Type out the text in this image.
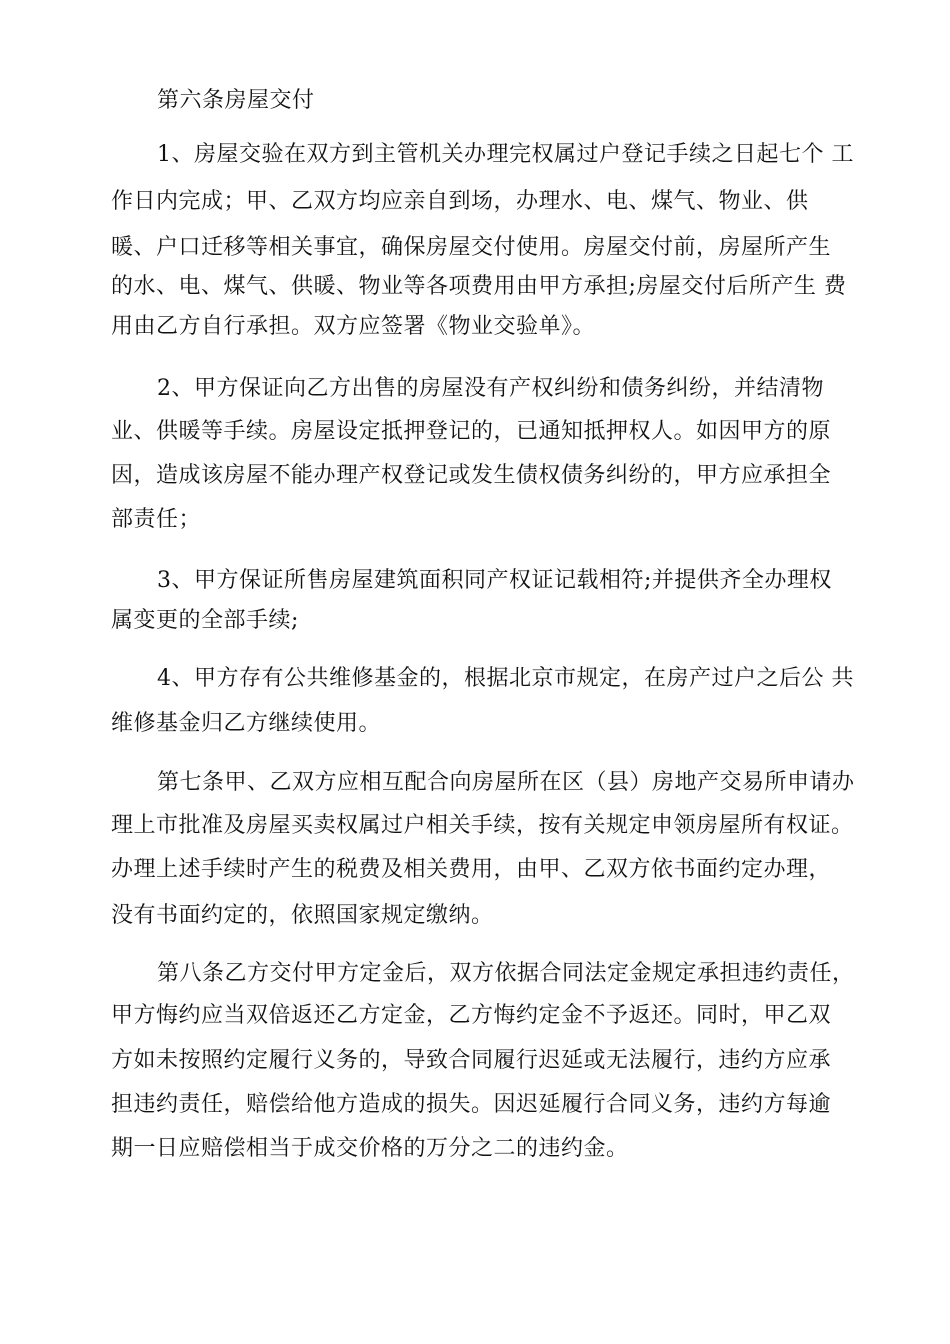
第六条房屋交付
1、房屋交验在双方到主管机关办理完权属过户登记手续之日起七个 工
作日内完成；甲、乙双方均应亲自到场，办理水、电、煤气、物业、供
暖、户口迁移等相关事宜，确保房屋交付使用。房屋交付前，房屋所产生
的水、电、煤气、供暖、物业等各项费用由甲方承担;房屋交付后所产生 费
用由乙方自行承担。双方应签署《物业交验单》。
2、甲方保证向乙方出售的房屋没有产权纠纷和债务纠纷，并结清物
业、供暖等手续。房屋设定抵押登记的，已通知抵押权人。如因甲方的原
因，造成该房屋不能办理产权登记或发生债权债务纠纷的，甲方应承担全
部责任；
3、甲方保证所售房屋建筑面积同产权证记载相符;并提供齐全办理权
属变更的全部手续;
4、甲方存有公共维修基金的，根据北京市规定，在房产过户之后公 共
维修基金归乙方继续使用。
第七条甲、乙双方应相互配合向房屋所在区（县）房地产交易所申请办
理上市批准及房屋买卖权属过户相关手续，按有关规定申领房屋所有权证。
办理上述手续时产生的税费及相关费用，由甲、乙双方依书面约定办理，
没有书面约定的，依照国家规定缴纳。
第八条乙方交付甲方定金后，双方依据合同法定金规定承担违约责任，
甲方悔约应当双倍返还乙方定金，乙方悔约定金不予返还。同时，甲乙双
方如未按照约定履行义务的，导致合同履行迟延或无法履行，违约方应承
担违约责任，赔偿给他方造成的损失。因迟延履行合同义务，违约方每逾
期一日应赔偿相当于成交价格的万分之二的违约金。
